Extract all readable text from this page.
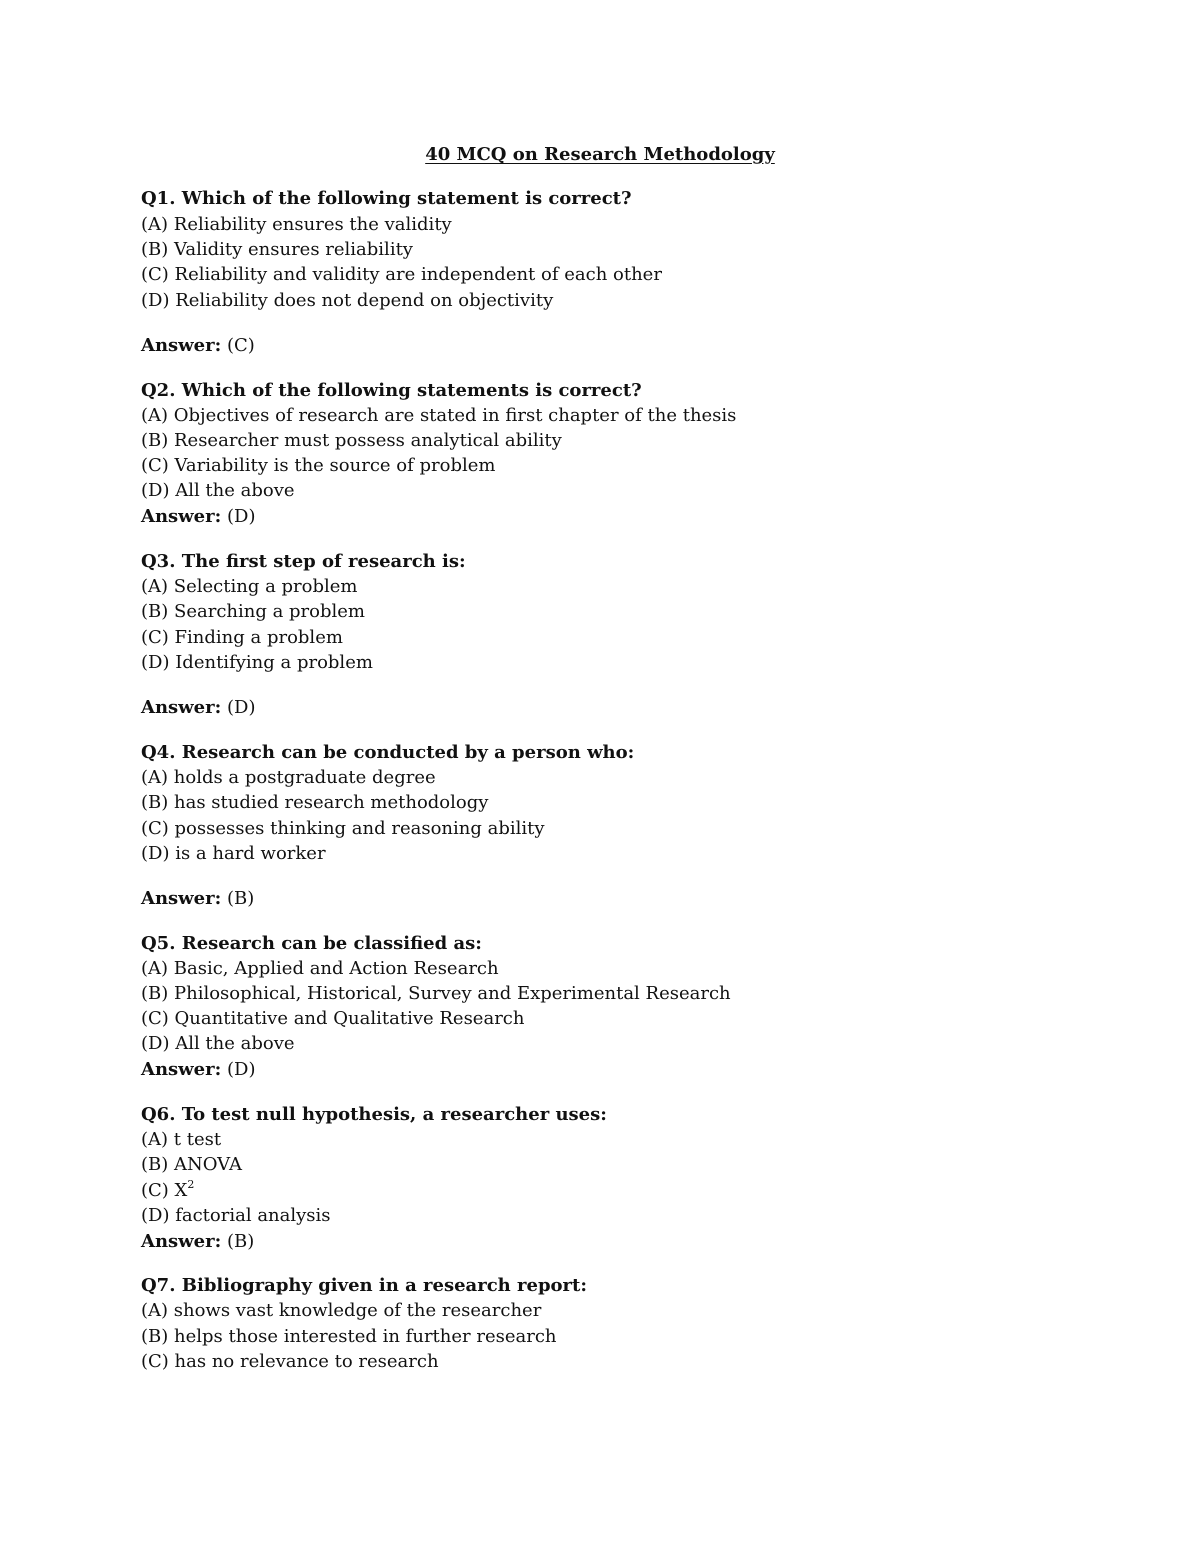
40 MCQ on Research Methodology
Q1. Which of the following statement is correct?
(A) Reliability ensures the validity
(B) Validity ensures reliability
(C) Reliability and validity are independent of each other
(D) Reliability does not depend on objectivity
Answer: (C)
Q2. Which of the following statements is correct?
(A) Objectives of research are stated in first chapter of the thesis
(B) Researcher must possess analytical ability
(C) Variability is the source of problem
(D) All the above
Answer: (D)
Q3. The first step of research is:
(A) Selecting a problem
(B) Searching a problem
(C) Finding a problem
(D) Identifying a problem
Answer: (D)
Q4. Research can be conducted by a person who:
(A) holds a postgraduate degree
(B) has studied research methodology
(C) possesses thinking and reasoning ability
(D) is a hard worker
Answer: (B)
Q5. Research can be classified as:
(A) Basic, Applied and Action Research
(B) Philosophical, Historical, Survey and Experimental Research
(C) Quantitative and Qualitative Research
(D) All the above
Answer: (D)
Q6. To test null hypothesis, a researcher uses:
(A) t test
(B) ANOVA
(C) $X^2$
(D) factorial analysis
Answer: (B)
Q7. Bibliography given in a research report:
(A) shows vast knowledge of the researcher
(B) helps those interested in further research
(C) has no relevance to research
